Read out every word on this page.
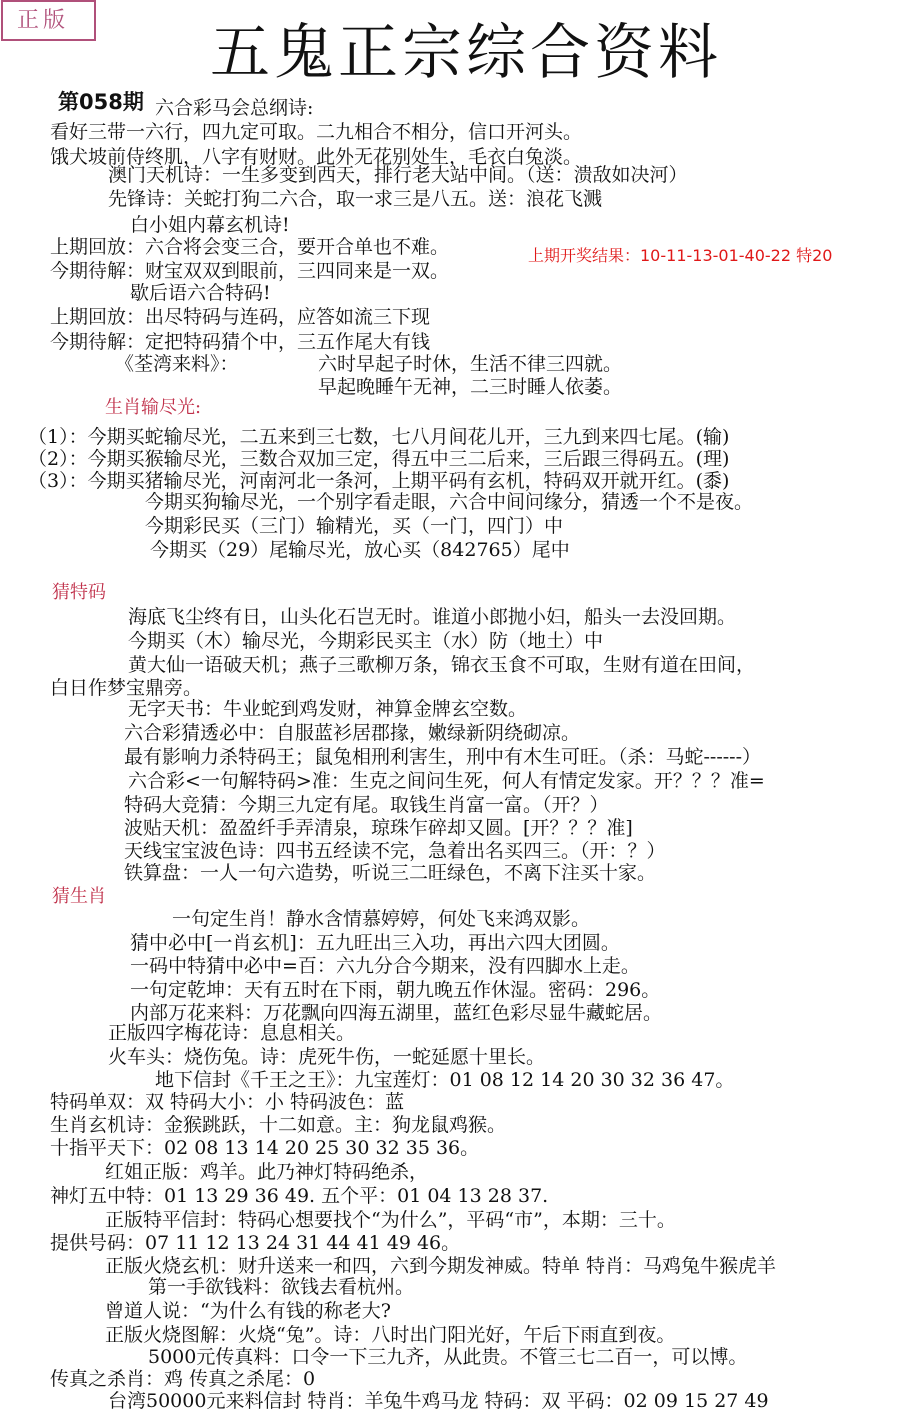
正版	五鬼正宗综合资料
第058期
上期开奖结果：10-11-13-01-40-22 特20
六合彩马会总纲诗:
看好三带一六行，四九定可取。二九相合不相分，信口开河头。
饿犬坡前侍终肌，八字有财财。此外无花别处生，毛衣白兔淡。
澳门天机诗：一生多变到西天，排行老大站中间。（送：溃敌如决河）
先锋诗：关蛇打狗二六合，取一求三是八五。送：浪花飞溅
白小姐内幕玄机诗!
上期回放：六合将会变三合，要开合单也不难。
今期待解：财宝双双到眼前，三四同来是一双。
歇后语六合特码!
上期回放：出尽特码与连码，应答如流三下现
今期待解：定把特码猜个中，三五作尾大有钱
《荃湾来料》：	六时早起子时休，生活不律三四就。
早起晚睡午无神，二三时睡人依萎。
（1）：今期买蛇输尽光，二五来到三七数，七八月间花儿开，三九到来四七尾。(输)
（2）：今期买猴输尽光，三数合双加三定，得五中三二后来，三后跟三得码五。(理)
（3）：今期买猪输尽光，河南河北一条河，上期平码有玄机，特码双开就开红。(黍)
今期买狗输尽光，一个别字看走眼，六合中间问缘分，猜透一个不是夜。
今期彩民买（三门）输精光，买（一门，四门）中
今期买（29）尾输尽光，放心买（842765）尾中
海底飞尘终有日，山头化石岂无时。谁道小郎抛小妇，船头一去没回期。
今期买（木）输尽光，今期彩民买主（水）防（地土）中
黄大仙一语破天机；燕子三歌柳万条，锦衣玉食不可取，生财有道在田间，
白日作梦宝鼎旁。
无字天书：牛业蛇到鸡发财，神算金牌玄空数。
六合彩猜透必中：自服蓝衫居郡掾，嫩绿新阴绕砌凉。
最有影响力杀特码王；鼠兔相刑利害生，刑中有木生可旺。（杀：马蛇------）
六合彩<一句解特码>准：生克之间问生死，何人有情定发家。开？？？准=
特码大竞猜：今期三九定有尾。取钱生肖富一富。（开？）
波贴天机：盈盈纤手弄清泉，琼珠乍碎却又圆。[开？？？准]
天线宝宝波色诗：四书五经读不完，急着出名买四三。（开：？）
铁算盘：一人一句六造势，听说三二旺绿色，不离下注买十家。
一句定生肖！静水含情慕婷婷，何处飞来鸿双影。
猜中必中[一肖玄机]：五九旺出三入功，再出六四大团圆。
一码中特猜中必中=百：六九分合今期来，没有四脚水上走。
一句定乾坤：天有五时在下雨，朝九晚五作休湿。密码：296。
内部万花来料：万花飘向四海五湖里，蓝红色彩尽显牛藏蛇居。
正版四字梅花诗：息息相关。
火车头：烧伤兔。诗：虎死牛伤，一蛇延愿十里长。
地下信封《千王之王》：九宝莲灯：01 08 12 14 20 30 32 36 47。
特码单双：双 特码大小：小 特码波色：蓝
生肖玄机诗：金猴跳跃，十二如意。主：狗龙鼠鸡猴。
十指平天下：02 08 13 14 20 25 30 32 35 36。
红姐正版：鸡羊。此乃神灯特码绝杀，
神灯五中特：01 13 29 36 49. 五个平：01 04 13 28 37.
正版特平信封：特码心想要找个“为什么”，平码“市”，本期：三十。
提供号码：07 11 12 13 24 31 44 41 49 46。
正版火烧玄机：财升送来一和四，六到今期发神威。特单 特肖：马鸡兔牛猴虎羊
第一手欲钱料：欲钱去看杭州。
曾道人说：“为什么有钱的称老大?
正版火烧图解：火烧“兔”。诗：八时出门阳光好，午后下雨直到夜。
5000元传真料：口令一下三九齐，从此贵。不管三七二百一，可以博。
传真之杀肖：鸡 传真之杀尾：0
台湾50000元来料信封 特肖：羊兔牛鸡马龙 特码：双 平码：02 09 15 27 49
生肖输尽光:
猜特码
猜生肖
